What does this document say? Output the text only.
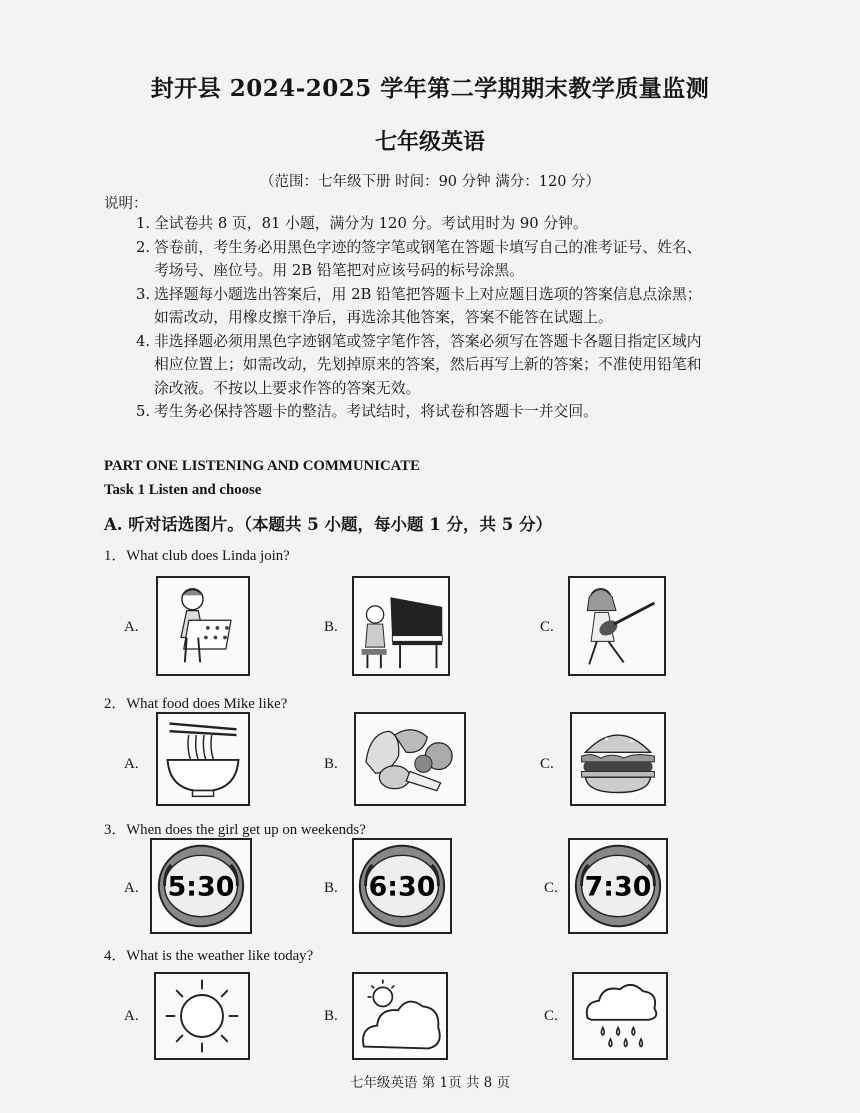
封开县 2024-2025 学年第二学期期末教学质量监测
七年级英语
（范围：七年级下册 时间：90 分钟 满分：120 分）
说明：
1. 全试卷共 8 页，81 小题，满分为 120 分。考试用时为 90 分钟。
2. 答卷前，考生务必用黑色字迹的签字笔或钢笔在答题卡填写自己的准考证号、姓名、
考场号、座位号。用 2B 铅笔把对应该号码的标号涂黑。
3. 选择题每小题选出答案后，用 2B 铅笔把答题卡上对应题目选项的答案信息点涂黑；
如需改动，用橡皮擦干净后，再选涂其他答案，答案不能答在试题上。
4. 非选择题必须用黑色字迹钢笔或签字笔作答，答案必须写在答题卡各题目指定区域内
相应位置上；如需改动，先划掉原来的答案，然后再写上新的答案；不准使用铅笔和
涂改液。不按以上要求作答的答案无效。
5. 考生务必保持答题卡的整洁。考试结时，将试卷和答题卡一并交回。
PART ONE LISTENING AND COMMUNICATE
Task 1 Listen and choose
A. 听对话选图片。（本题共 5 小题，每小题 1 分，共 5 分）
1．What club does Linda join?
A.	B.	C.
2．What food does Mike like?
A.	B.	C.
3．When does the girl get up on weekends?
A. 5:30	B. 6:30	C. 7:30
4．What is the weather like today?
A.	B.	C.
七年级英语 第 1页 共 8 页
